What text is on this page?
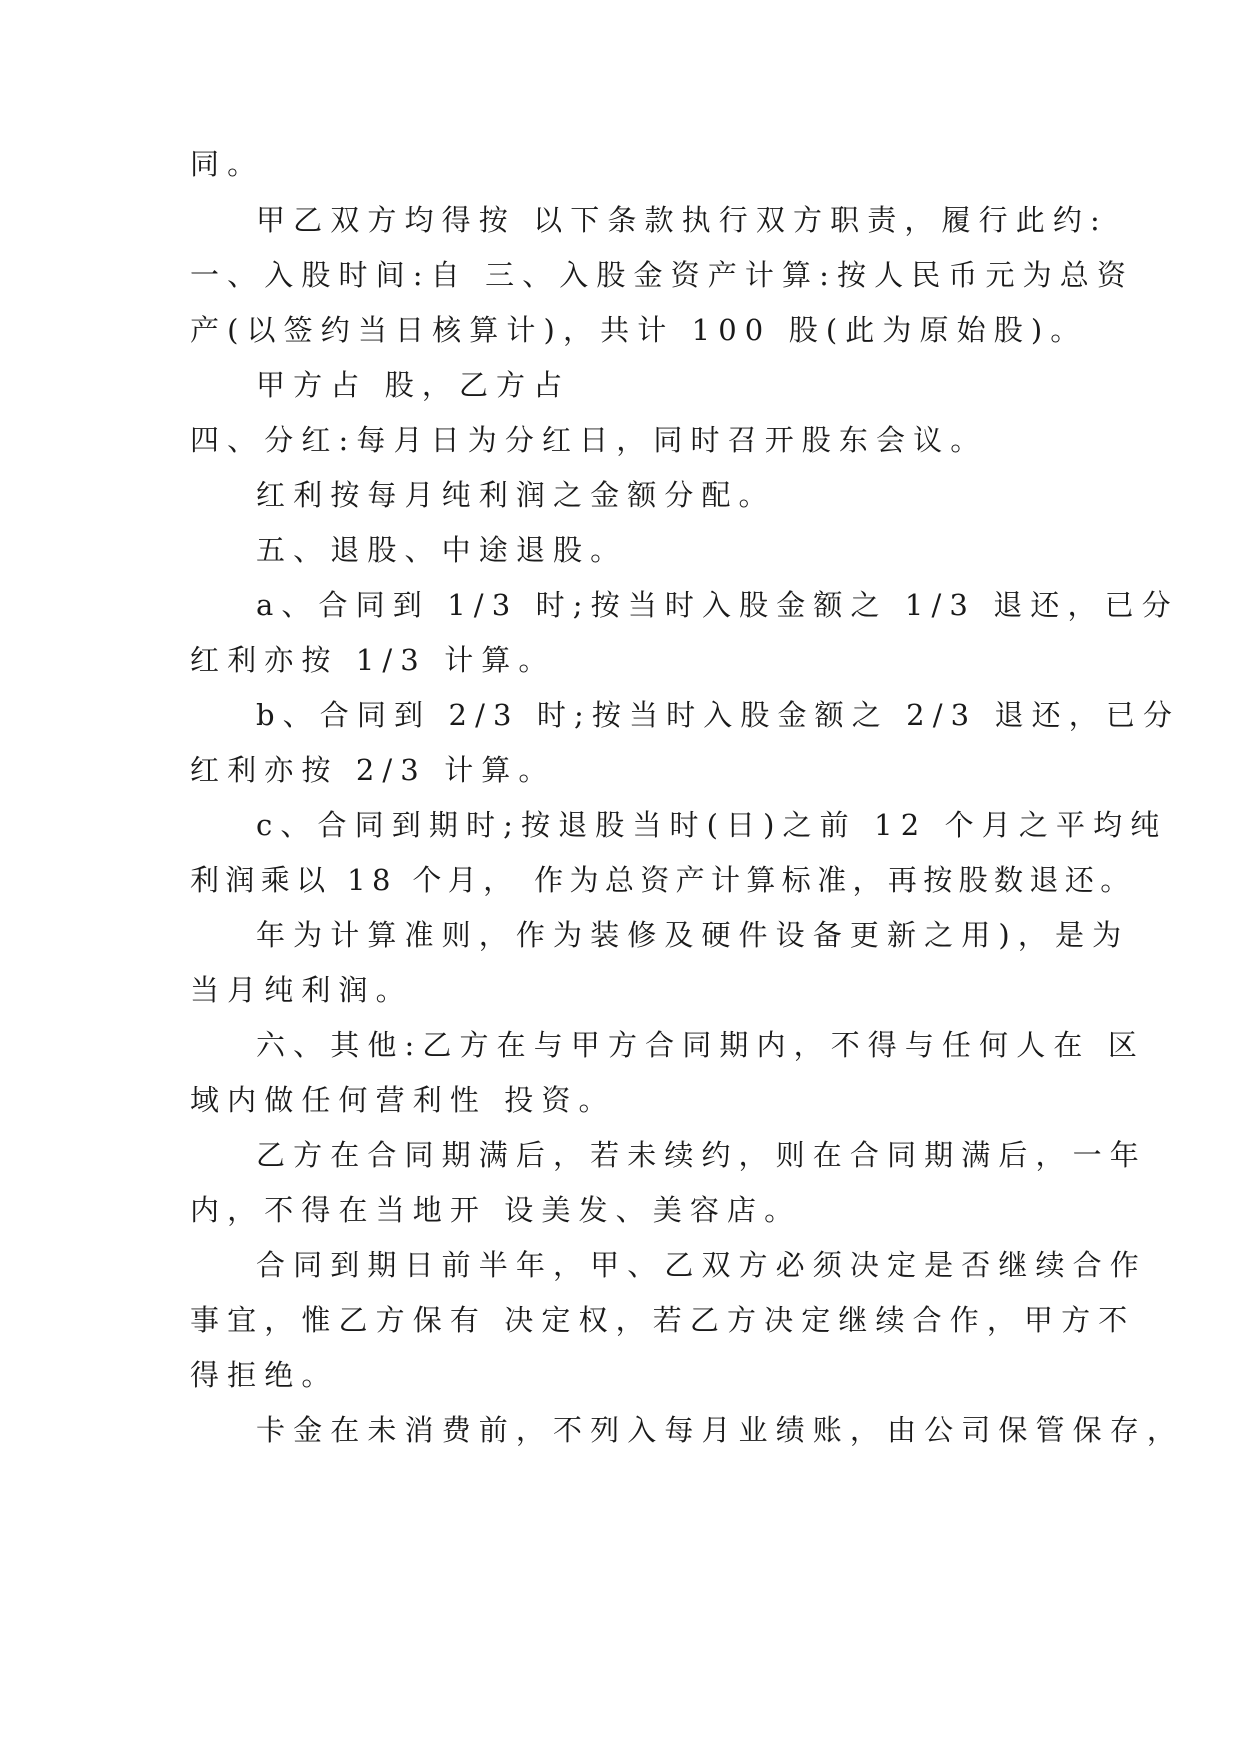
同。
甲乙双方均得按 以下条款执行双方职责，履行此约:
一、入股时间:自 三、入股金资产计算:按人民币元为总资
产(以签约当日核算计)，共计 100 股(此为原始股)。
甲方占 股，乙方占
四、分红:每月日为分红日，同时召开股东会议。
红利按每月纯利润之金额分配。
五、退股、中途退股。
a、合同到 1/3 时;按当时入股金额之 1/3 退还，已分
红利亦按 1/3 计算。
b、合同到 2/3 时;按当时入股金额之 2/3 退还，已分
红利亦按 2/3 计算。
c、合同到期时;按退股当时(日)之前 12 个月之平均纯
利润乘以 18 个月， 作为总资产计算标准，再按股数退还。
年为计算准则，作为装修及硬件设备更新之用)，是为
当月纯利润。
六、其他:乙方在与甲方合同期内，不得与任何人在 区
域内做任何营利性 投资。
乙方在合同期满后，若未续约，则在合同期满后，一年
内，不得在当地开 设美发、美容店。
合同到期日前半年，甲、乙双方必须决定是否继续合作
事宜，惟乙方保有 决定权，若乙方决定继续合作，甲方不
得拒绝。
卡金在未消费前，不列入每月业绩账，由公司保管保存，
